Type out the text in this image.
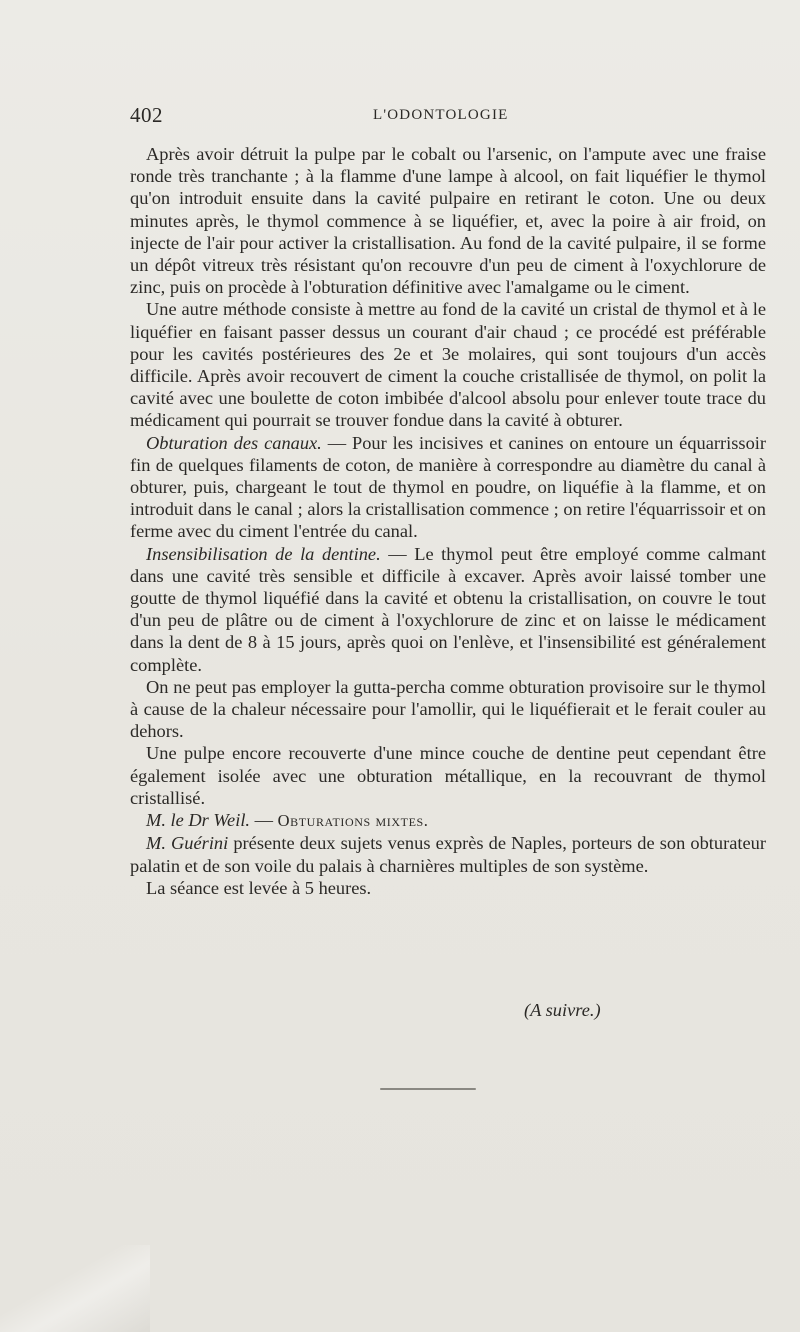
402	L'ODONTOLOGIE

Après avoir détruit la pulpe par le cobalt ou l'arsenic, on l'ampute avec une fraise ronde très tranchante ; à la flamme d'une lampe à alcool, on fait liquéfier le thymol qu'on introduit ensuite dans la cavité pulpaire en retirant le coton. Une ou deux minutes après, le thymol commence à se liquéfier, et, avec la poire à air froid, on injecte de l'air pour activer la cristallisation. Au fond de la cavité pulpaire, il se forme un dépôt vitreux très résistant qu'on recouvre d'un peu de ciment à l'oxychlorure de zinc, puis on procède à l'obturation définitive avec l'amalgame ou le ciment.

Une autre méthode consiste à mettre au fond de la cavité un cristal de thymol et à le liquéfier en faisant passer dessus un courant d'air chaud ; ce procédé est préférable pour les cavités postérieures des 2e et 3e molaires, qui sont toujours d'un accès difficile. Après avoir recouvert de ciment la couche cristallisée de thymol, on polit la cavité avec une boulette de coton imbibée d'alcool absolu pour enlever toute trace du médicament qui pourrait se trouver fondue dans la cavité à obturer.

Obturation des canaux. — Pour les incisives et canines on entoure un équarrissoir fin de quelques filaments de coton, de manière à correspondre au diamètre du canal à obturer, puis, chargeant le tout de thymol en poudre, on liquéfie à la flamme, et on introduit dans le canal ; alors la cristallisation commence ; on retire l'équarrissoir et on ferme avec du ciment l'entrée du canal.

Insensibilisation de la dentine. — Le thymol peut être employé comme calmant dans une cavité très sensible et difficile à excaver. Après avoir laissé tomber une goutte de thymol liquéfié dans la cavité et obtenu la cristallisation, on couvre le tout d'un peu de plâtre ou de ciment à l'oxychlorure de zinc et on laisse le médicament dans la dent de 8 à 15 jours, après quoi on l'enlève, et l'insensibilité est généralement complète.

On ne peut pas employer la gutta-percha comme obturation provisoire sur le thymol à cause de la chaleur nécessaire pour l'amollir, qui le liquéfierait et le ferait couler au dehors.

Une pulpe encore recouverte d'une mince couche de dentine peut cependant être également isolée avec une obturation métallique, en la recouvrant de thymol cristallisé.

M. le Dr Weil. — Obturations mixtes.

M. Guérini présente deux sujets venus exprès de Naples, porteurs de son obturateur palatin et de son voile du palais à charnières multiples de son système.

La séance est levée à 5 heures.

(A suivre.)
